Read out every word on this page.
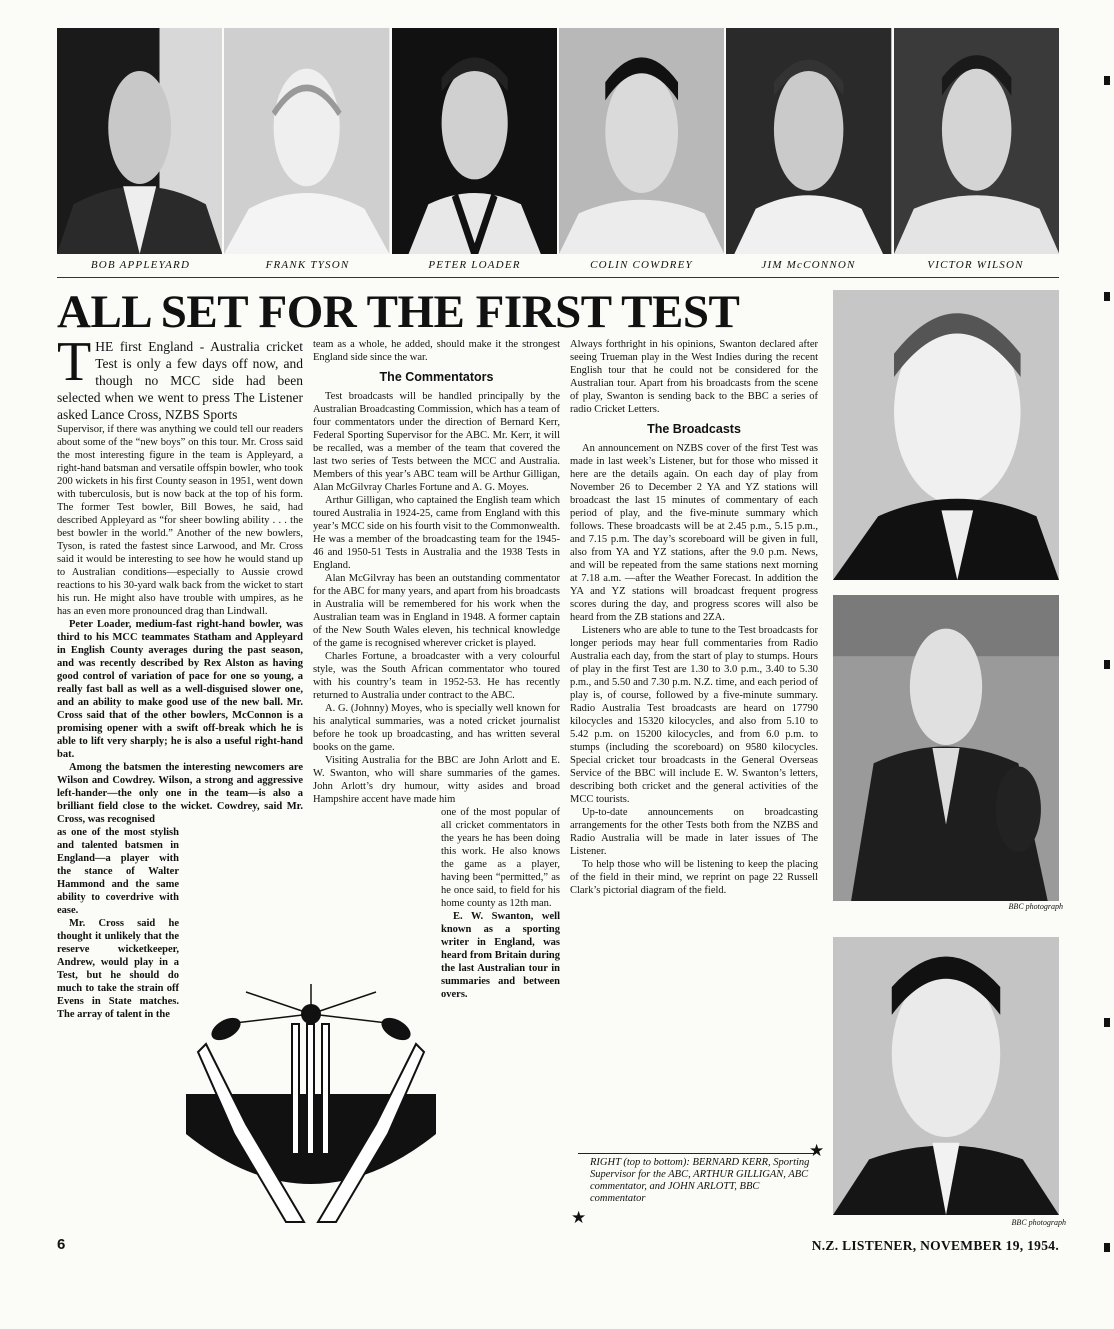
BOB APPLEYARD	FRANK TYSON	PETER LOADER	COLIN COWDREY	JIM McCONNON	VICTOR WILSON
ALL SET FOR THE FIRST TEST

THE first England - Australia cricket Test is only a few days off now, and though no MCC side had been selected when we went to press The Listener asked Lance Cross, NZBS Sports

Supervisor, if there was anything we could tell our readers about some of the “new boys” on this tour. Mr. Cross said the most interesting figure in the team is Appleyard, a right-hand batsman and versatile offspin bowler, who took 200 wickets in his first County season in 1951, went down with tuberculosis, but is now back at the top of his form. The former Test bowler, Bill Bowes, he said, had described Appleyard as “for sheer bowling ability . . . the best bowler in the world.” Another of the new bowlers, Tyson, is rated the fastest since Larwood, and Mr. Cross said it would be interesting to see how he would stand up to Australian conditions—especially to Aussie crowd reactions to his 30-yard walk back from the wicket to start his run. He might also have trouble with umpires, as he has an even more pronounced drag than Lindwall.

Peter Loader, medium-fast right-hand bowler, was third to his MCC teammates Statham and Appleyard in English County averages during the past season, and was recently described by Rex Alston as having good control of variation of pace for one so young, a really fast ball as well as a well-disguised slower one, and an ability to make good use of the new ball. Mr. Cross said that of the other bowlers, McConnon is a promising opener with a swift off-break which he is able to lift very sharply; he is also a useful right-hand bat.

Among the batsmen the interesting newcomers are Wilson and Cowdrey. Wilson, a strong and aggressive left-hander—the only one in the team—is also a brilliant field close to the wicket. Cowdrey, said Mr. Cross, was recognised

as one of the most stylish and talented batsmen in England—a player with the stance of Walter Hammond and the same ability to coverdrive with ease.

Mr. Cross said he thought it unlikely that the reserve wicketkeeper, Andrew, would play in a Test, but he should do much to take the strain off Evens in State matches. The array of talent in the

team as a whole, he added, should make it the strongest England side since the war.

The Commentators

Test broadcasts will be handled principally by the Australian Broadcasting Commission, which has a team of four commentators under the direction of Bernard Kerr, Federal Sporting Supervisor for the ABC. Mr. Kerr, it will be recalled, was a member of the team that covered the last two series of Tests between the MCC and Australia. Members of this year’s ABC team will be Arthur Gilligan, Alan McGilvray Charles Fortune and A. G. Moyes.

Arthur Gilligan, who captained the English team which toured Australia in 1924-25, came from England with this year’s MCC side on his fourth visit to the Commonwealth. He was a member of the broadcasting team for the 1945-46 and 1950-51 Tests in Australia and the 1938 Tests in England.

Alan McGilvray has been an outstanding commentator for the ABC for many years, and apart from his broadcasts in Australia will be remembered for his work when the Australian team was in England in 1948. A former captain of the New South Wales eleven, his technical knowledge of the game is recognised wherever cricket is played.

Charles Fortune, a broadcaster with a very colourful style, was the South African commentator who toured with his country’s team in 1952-53. He has recently returned to Australia under contract to the ABC.

A. G. (Johnny) Moyes, who is specially well known for his analytical summaries, was a noted cricket journalist before he took up broadcasting, and has written several books on the game.

Visiting Australia for the BBC are John Arlott and E. W. Swanton, who will share summaries of the games. John Arlott’s dry humour, witty asides and broad Hampshire accent have made him

one of the most popular of all cricket commentators in the years he has been doing this work. He also knows the game as a player, having been “permitted,” as he once said, to field for his home county as 12th man.

E. W. Swanton, well known as a sporting writer in England, was heard from Britain during the last Australian tour in summaries and between overs.

Always forthright in his opinions, Swanton declared after seeing Trueman play in the West Indies during the recent English tour that he could not be considered for the Australian tour. Apart from his broadcasts from the scene of play, Swanton is sending back to the BBC a series of radio Cricket Letters.

The Broadcasts

An announcement on NZBS cover of the first Test was made in last week’s Listener, but for those who missed it here are the details again. On each day of play from November 26 to December 2 YA and YZ stations will broadcast the last 15 minutes of commentary of each period of play, and the five-minute summary which follows. These broadcasts will be at 2.45 p.m., 5.15 p.m., and 7.15 p.m. The day’s scoreboard will be given in full, also from YA and YZ stations, after the 9.0 p.m. News, and will be repeated from the same stations next morning at 7.18 a.m. —after the Weather Forecast. In addition the YA and YZ stations will broadcast frequent progress scores during the day, and progress scores will also be heard from the ZB stations and 2ZA.

Listeners who are able to tune to the Test broadcasts for longer periods may hear full commentaries from Radio Australia each day, from the start of play to stumps. Hours of play in the first Test are 1.30 to 3.0 p.m., 3.40 to 5.30 p.m., and 5.50 and 7.30 p.m. N.Z. time, and each period of play is, of course, followed by a five-minute summary. Radio Australia Test broadcasts are heard on 17790 kilocycles and 15320 kilocycles, and also from 5.10 to 5.42 p.m. on 15200 kilocycles, and from 6.0 p.m. to stumps (including the scoreboard) on 9580 kilocycles. Special cricket tour broadcasts in the General Overseas Service of the BBC will include E. W. Swanton’s letters, describing both cricket and the general activities of the MCC tourists.

Up-to-date announcements on broadcasting arrangements for the other Tests both from the NZBS and Radio Australia will be made in later issues of The Listener.

To help those who will be listening to keep the placing of the field in their mind, we reprint on page 22 Russell Clark’s pictorial diagram of the field.

RIGHT (top to bottom): BERNARD KERR, Sporting Supervisor for the ABC, ARTHUR GILLIGAN, ABC commentator, and JOHN ARLOTT, BBC commentator
★
★
BBC photograph
BBC photograph
6	N.Z. LISTENER, NOVEMBER 19, 1954.
